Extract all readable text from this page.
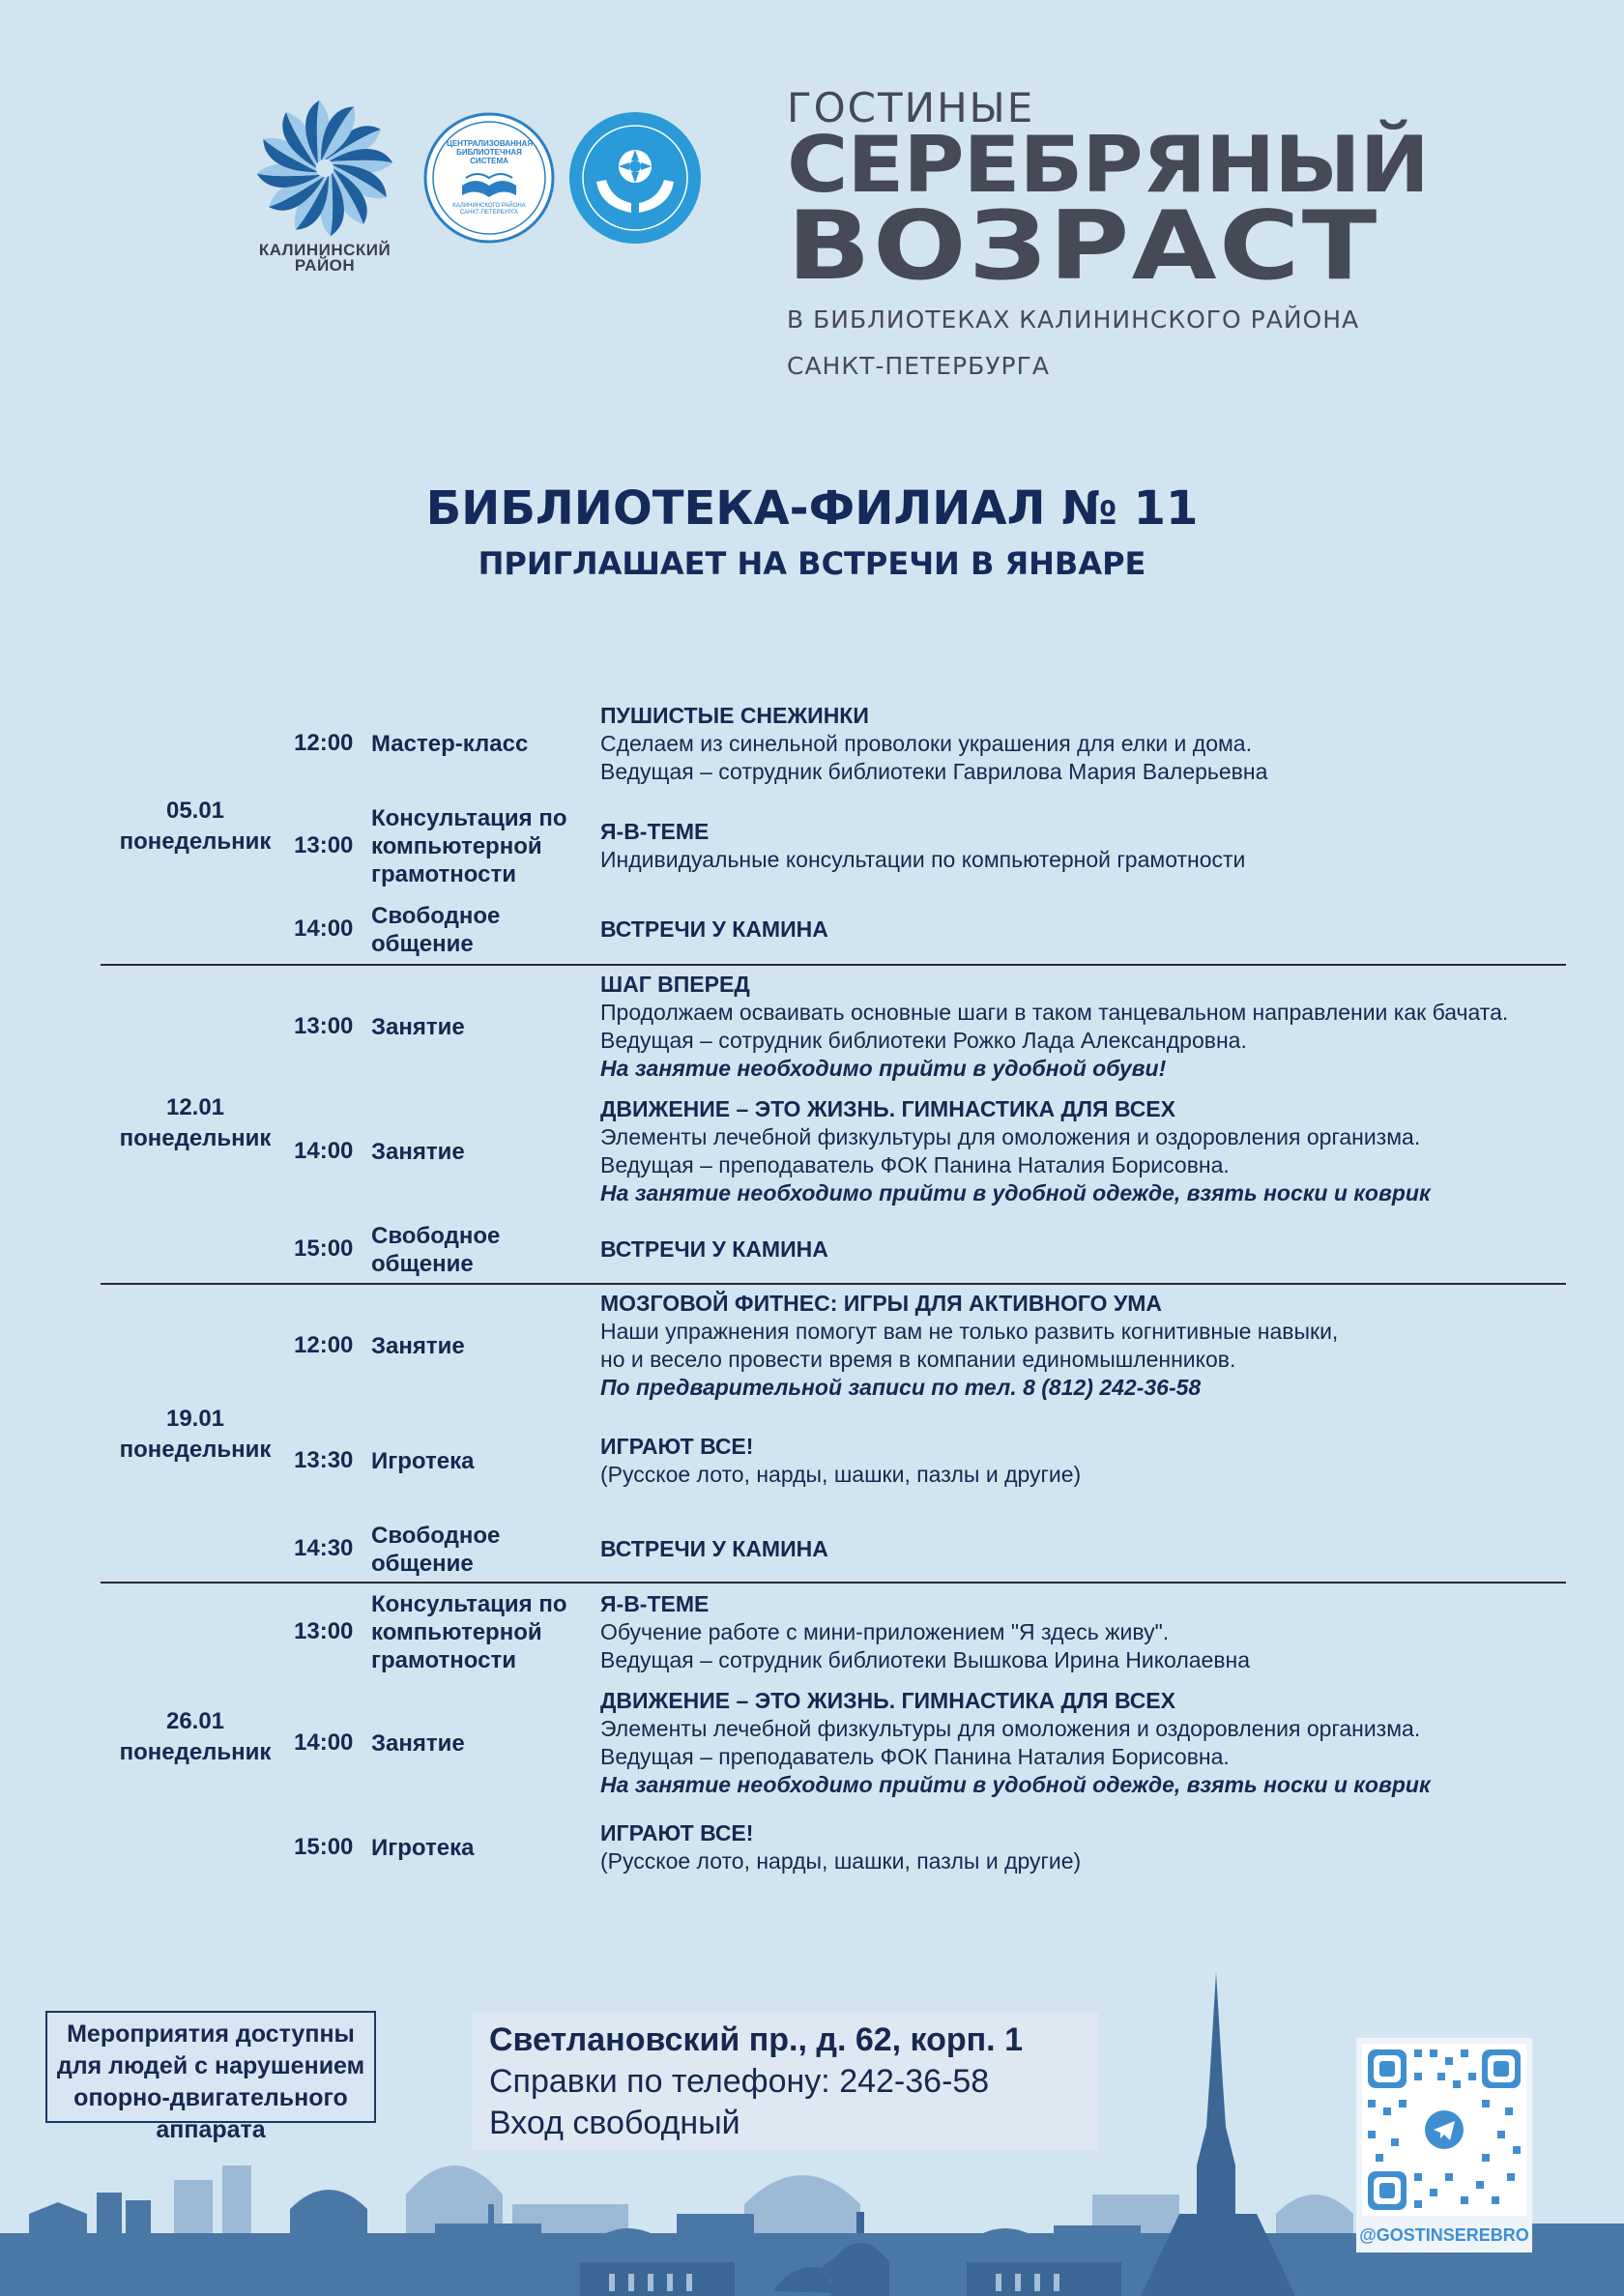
КАЛИНИНСКИЙ
РАЙОН
ЦЕНТРАЛИЗОВАННАЯ БИБЛИОТЕЧНАЯ СИСТЕМА
КАЛИНИНСКОГО РАЙОНА САНКТ-ПЕТЕРБУРГА
ГОСТИНЫЕ
СЕРЕБРЯНЫЙ
ВОЗРАСТ
В БИБЛИОТЕКАХ КАЛИНИНСКОГО РАЙОНА
САНКТ-ПЕТЕРБУРГА
БИБЛИОТЕКА-ФИЛИАЛ № 11
ПРИГЛАШАЕТ НА ВСТРЕЧИ В ЯНВАРЕ
05.01
понедельник
12:00 Мастер-класс
ПУШИСТЫЕ СНЕЖИНКИ
Сделаем из синельной проволоки украшения для елки и дома.
Ведущая – сотрудник библиотеки Гаврилова Мария Валерьевна
13:00
Консультация по компьютерной грамотности
Я-В-ТЕМЕ
Индивидуальные консультации по компьютерной грамотности
14:00 Свободное общение
ВСТРЕЧИ У КАМИНА
12.01
понедельник
13:00 Занятие
ШАГ ВПЕРЕД
Продолжаем осваивать основные шаги в таком танцевальном направлении как бачата.
Ведущая – сотрудник библиотеки Рожко Лада Александровна.
На занятие необходимо прийти в удобной обуви!
14:00 Занятие
ДВИЖЕНИЕ – ЭТО ЖИЗНЬ. ГИМНАСТИКА ДЛЯ ВСЕХ
Элементы лечебной физкультуры для омоложения и оздоровления организма.
Ведущая – преподаватель ФОК Панина Наталия Борисовна.
На занятие необходимо прийти в удобной одежде, взять носки и коврик
15:00 Свободное общение
ВСТРЕЧИ У КАМИНА
19.01
понедельник
12:00 Занятие
МОЗГОВОЙ ФИТНЕС: ИГРЫ ДЛЯ АКТИВНОГО УМА
Наши упражнения помогут вам не только развить когнитивные навыки,
но и весело провести время в компании единомышленников.
По предварительной записи по тел. 8 (812) 242-36-58
13:30 Игротека
ИГРАЮТ ВСЕ!
(Русское лото, нарды, шашки, пазлы и другие)
14:30 Свободное общение
ВСТРЕЧИ У КАМИНА
26.01
понедельник
13:00
Консультация по компьютерной грамотности
Я-В-ТЕМЕ
Обучение работе с мини-приложением "Я здесь живу".
Ведущая – сотрудник библиотеки Вышкова Ирина Николаевна
14:00 Занятие
ДВИЖЕНИЕ – ЭТО ЖИЗНЬ. ГИМНАСТИКА ДЛЯ ВСЕХ
Элементы лечебной физкультуры для омоложения и оздоровления организма.
Ведущая – преподаватель ФОК Панина Наталия Борисовна.
На занятие необходимо прийти в удобной одежде, взять носки и коврик
15:00 Игротека
ИГРАЮТ ВСЕ!
(Русское лото, нарды, шашки, пазлы и другие)
Мероприятия доступны для людей с нарушением опорно-двигательного аппарата
Светлановский пр., д. 62, корп. 1
Справки по телефону: 242-36-58
Вход свободный
@GOSTINSEREBRO
